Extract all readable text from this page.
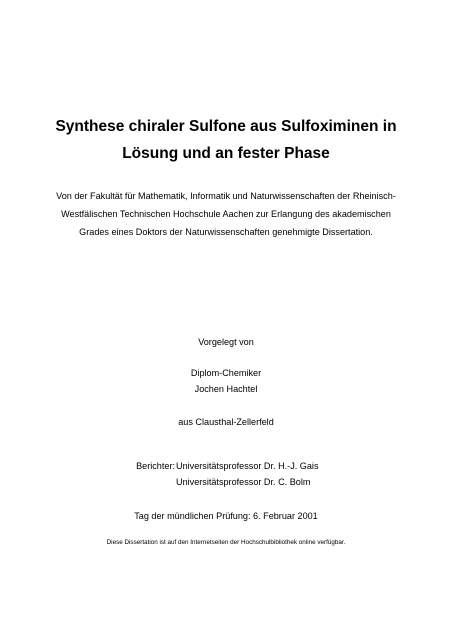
Synthese chiraler Sulfone aus Sulfoximinen in
Lösung und an fester Phase
Von der Fakultät für Mathematik, Informatik und Naturwissenschaften der Rheinisch-
Westfälischen Technischen Hochschule Aachen zur Erlangung des akademischen
Grades eines Doktors der Naturwissenschaften genehmigte Dissertation.
Vorgelegt von
Diplom-Chemiker
Jochen Hachtel
aus Clausthal-Zellerfeld
Berichter: Universitätsprofessor Dr. H.-J. Gais
Universitätsprofessor Dr. C. Bolm
Tag der mündlichen Prüfung: 6. Februar 2001
Diese Dissertation ist auf den Internetseiten der Hochschulbibliothek online verfügbar.
